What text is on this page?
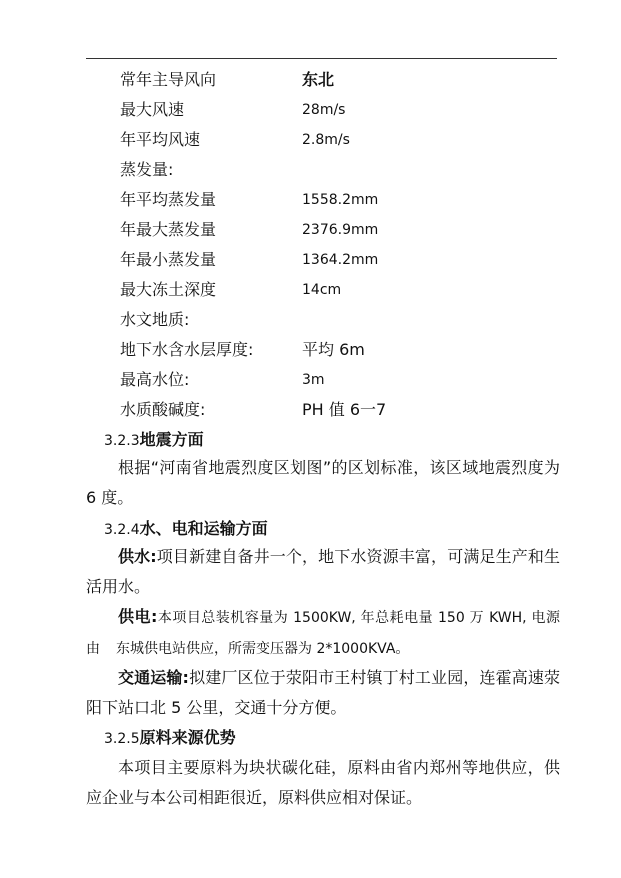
常年主导风向	东北
最大风速	28m/s
年平均风速	2.8m/s
蒸发量:
年平均蒸发量	1558.2mm
年最大蒸发量	2376.9mm
年最小蒸发量	1364.2mm
最大冻土深度	14cm
水文地质:
地下水含水层厚度:	平均 6m
最高水位:	3m
水质酸碱度:	PH 值 6一7
3.2.3地震方面
根据“河南省地震烈度区划图”的区划标准，该区域地震烈度为 6 度。
3.2.4水、电和运输方面
供水:项目新建自备井一个，地下水资源丰富，可满足生产和生活用水。
供电:本项目总装机容量为 1500KW, 年总耗电量 150 万 KWH, 电源由  东城供电站供应，所需变压器为 2*1000KVA。
交通运输:拟建厂区位于荥阳市王村镇丁村工业园，连霍高速荥阳下站口北 5 公里，交通十分方便。
3.2.5原料来源优势
本项目主要原料为块状碳化硅，原料由省内郑州等地供应，供应企业与本公司相距很近，原料供应相对保证。
